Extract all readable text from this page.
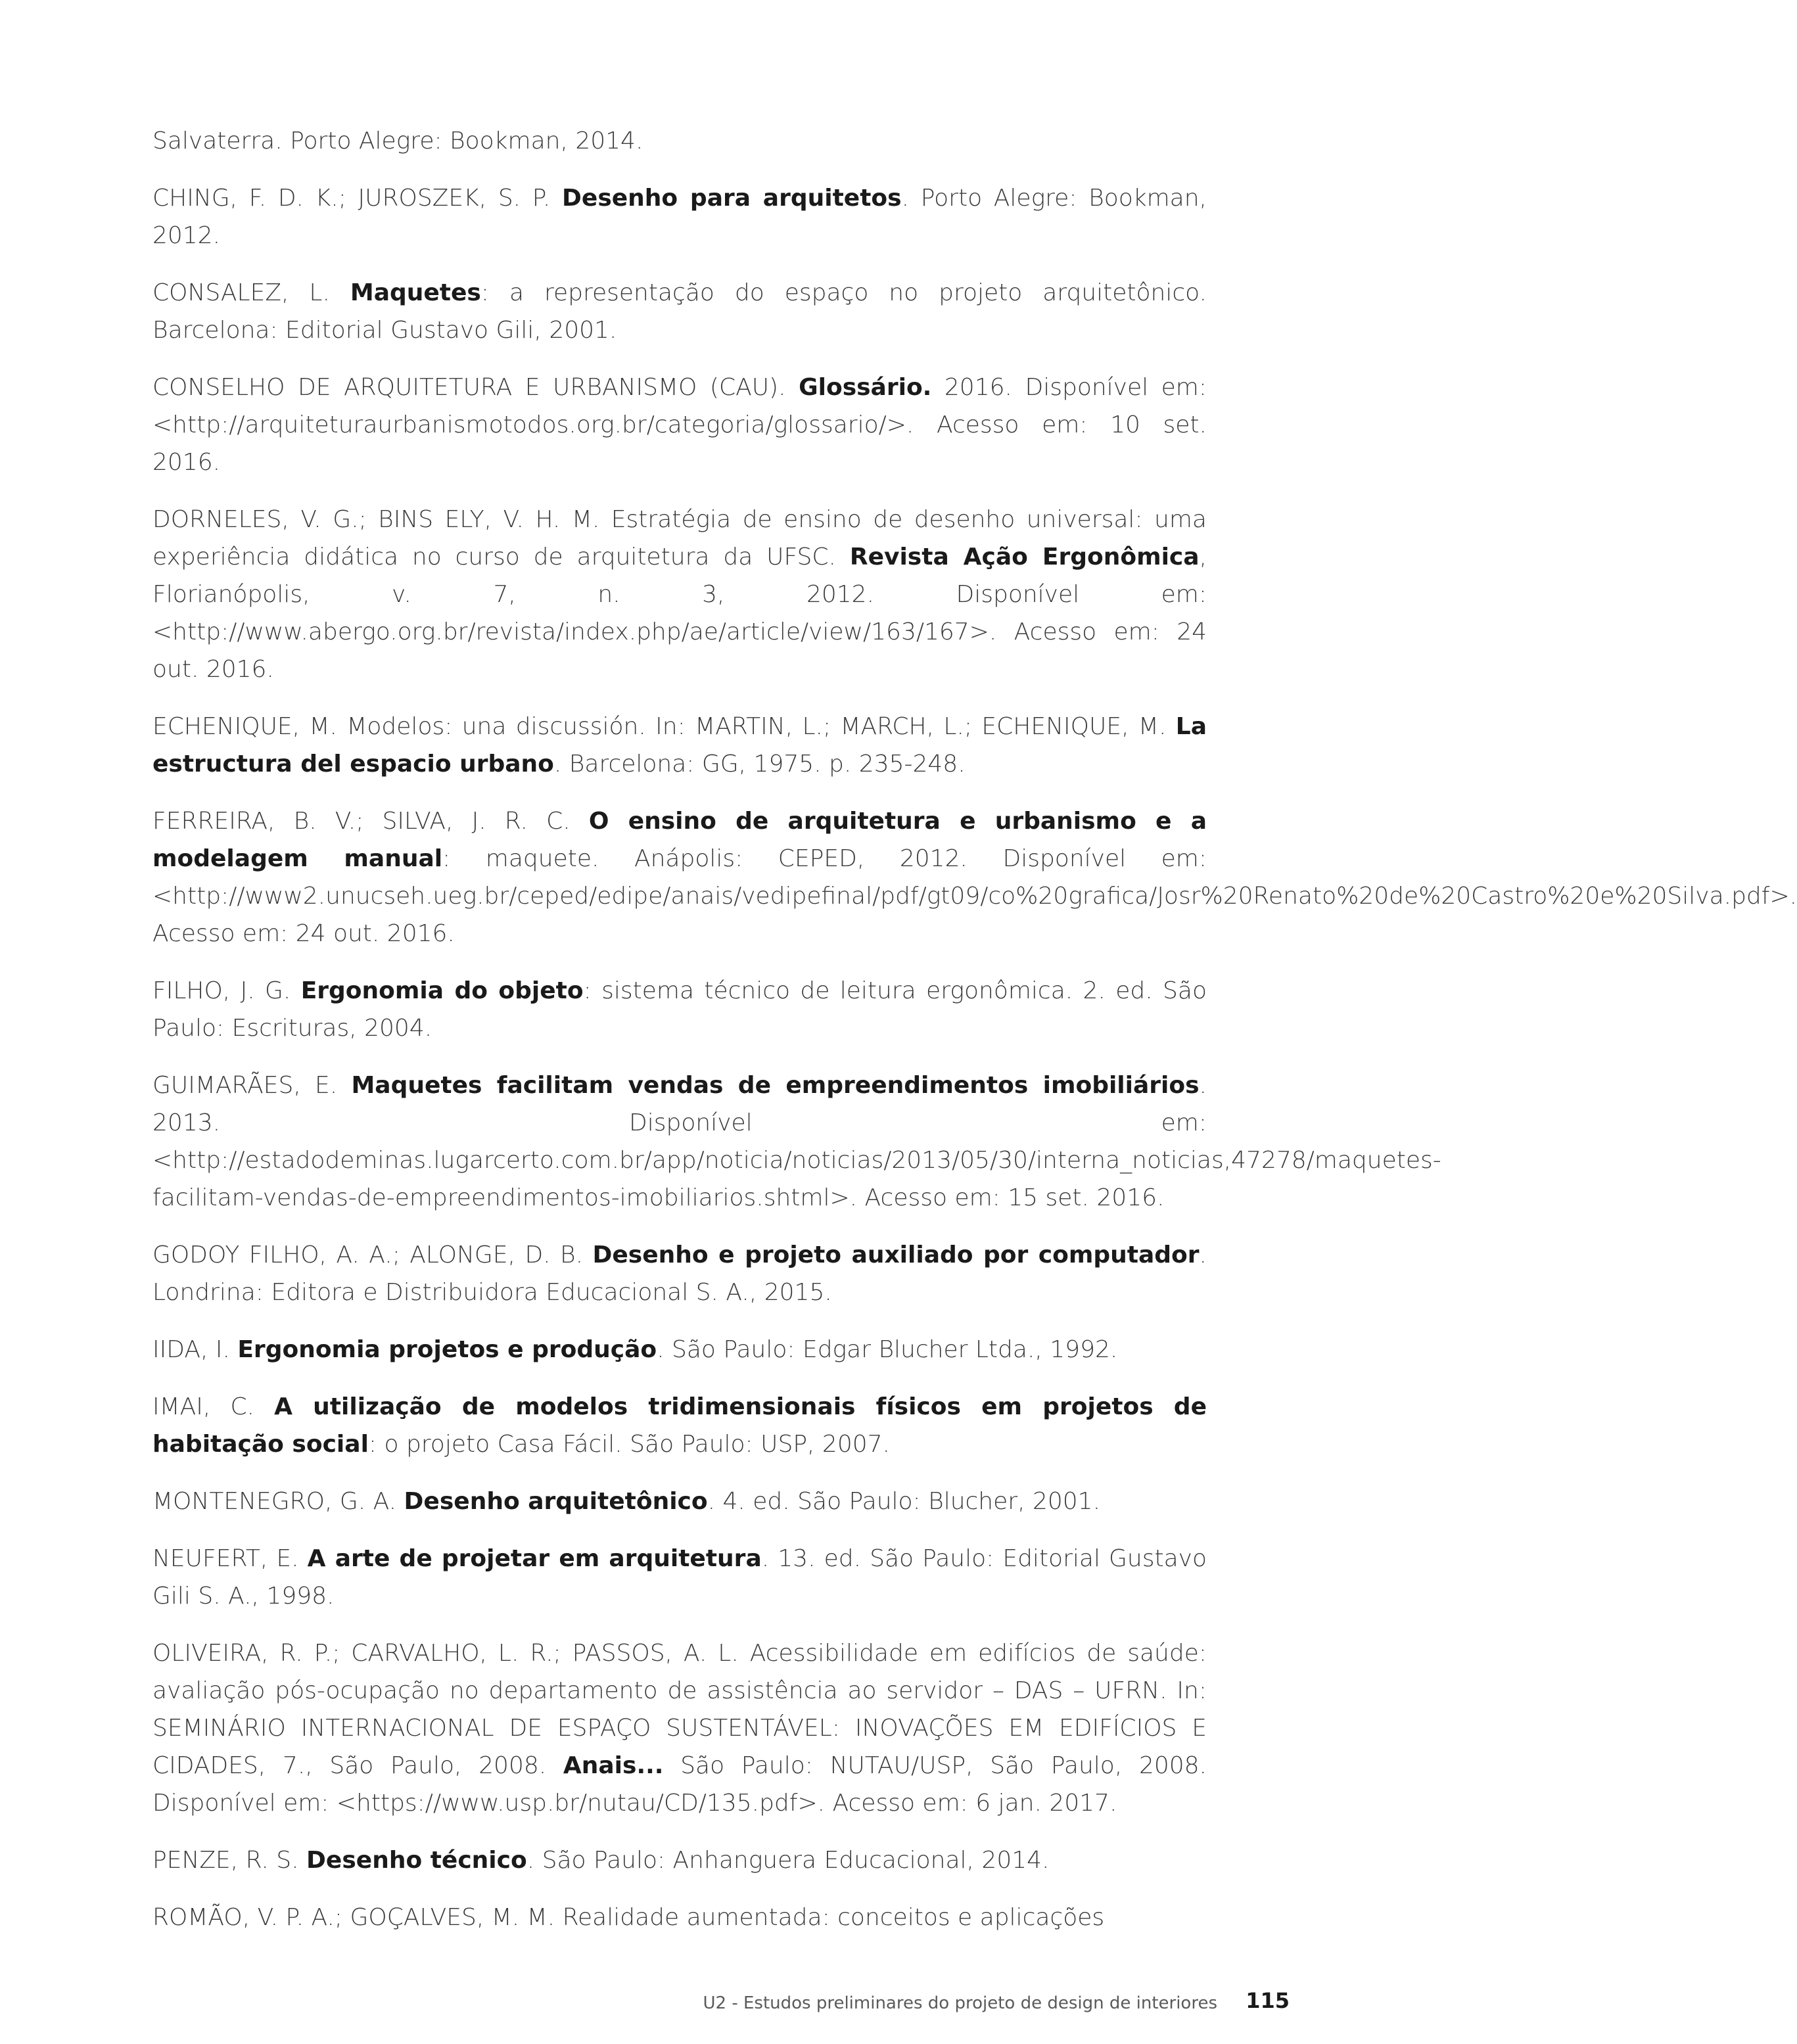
Salvaterra. Porto Alegre: Bookman, 2014.

CHING, F. D. K.; JUROSZEK, S. P. Desenho para arquitetos. Porto Alegre: Bookman, 2012.

CONSALEZ, L. Maquetes: a representação do espaço no projeto arquitetônico. Barcelona: Editorial Gustavo Gili, 2001.

CONSELHO DE ARQUITETURA E URBANISMO (CAU). Glossário. 2016. Disponível em: <http://arquiteturaurbanismotodos.org.br/categoria/glossario/>. Acesso em: 10 set. 2016.

DORNELES, V. G.; BINS ELY, V. H. M. Estratégia de ensino de desenho universal: uma experiência didática no curso de arquitetura da UFSC. Revista Ação Ergonômica, Florianópolis, v. 7, n. 3, 2012. Disponível em: <http://www.abergo.org.br/revista/index.php/ae/article/view/163/167>. Acesso em: 24 out. 2016.

ECHENIQUE, M. Modelos: una discussión. In: MARTIN, L.; MARCH, L.; ECHENIQUE, M. La estructura del espacio urbano. Barcelona: GG, 1975. p. 235-248.

FERREIRA, B. V.; SILVA, J. R. C. O ensino de arquitetura e urbanismo e a modelagem manual: maquete. Anápolis: CEPED, 2012. Disponível em: <http://www2.unucseh.ueg.br/ceped/edipe/anais/vedipefinal/pdf/gt09/co%20grafica/Josr%20Renato%20de%20Castro%20e%20Silva.pdf>. Acesso em: 24 out. 2016.

FILHO, J. G. Ergonomia do objeto: sistema técnico de leitura ergonômica. 2. ed. São Paulo: Escrituras, 2004.

GUIMARÃES, E. Maquetes facilitam vendas de empreendimentos imobiliários. 2013. Disponível em: <http://estadodeminas.lugarcerto.com.br/app/noticia/noticias/2013/05/30/interna_noticias,47278/maquetes-facilitam-vendas-de-empreendimentos-imobiliarios.shtml>. Acesso em: 15 set. 2016.

GODOY FILHO, A. A.; ALONGE, D. B. Desenho e projeto auxiliado por computador. Londrina: Editora e Distribuidora Educacional S. A., 2015.

IIDA, I. Ergonomia projetos e produção. São Paulo: Edgar Blucher Ltda., 1992.

IMAI, C. A utilização de modelos tridimensionais físicos em projetos de habitação social: o projeto Casa Fácil. São Paulo: USP, 2007.

MONTENEGRO, G. A. Desenho arquitetônico. 4. ed. São Paulo: Blucher, 2001.

NEUFERT, E. A arte de projetar em arquitetura. 13. ed. São Paulo: Editorial Gustavo Gili S. A., 1998.

OLIVEIRA, R. P.; CARVALHO, L. R.; PASSOS, A. L. Acessibilidade em edifícios de saúde: avaliação pós-ocupação no departamento de assistência ao servidor – DAS – UFRN. In: SEMINÁRIO INTERNACIONAL DE ESPAÇO SUSTENTÁVEL: INOVAÇÕES EM EDIFÍCIOS E CIDADES, 7., São Paulo, 2008. Anais... São Paulo: NUTAU/USP, São Paulo, 2008. Disponível em: <https://www.usp.br/nutau/CD/135.pdf>. Acesso em: 6 jan. 2017.

PENZE, R. S. Desenho técnico. São Paulo: Anhanguera Educacional, 2014.

ROMÃO, V. P. A.; GOÇALVES, M. M. Realidade aumentada: conceitos e aplicações

U2 - Estudos preliminares do projeto de design de interiores 115
